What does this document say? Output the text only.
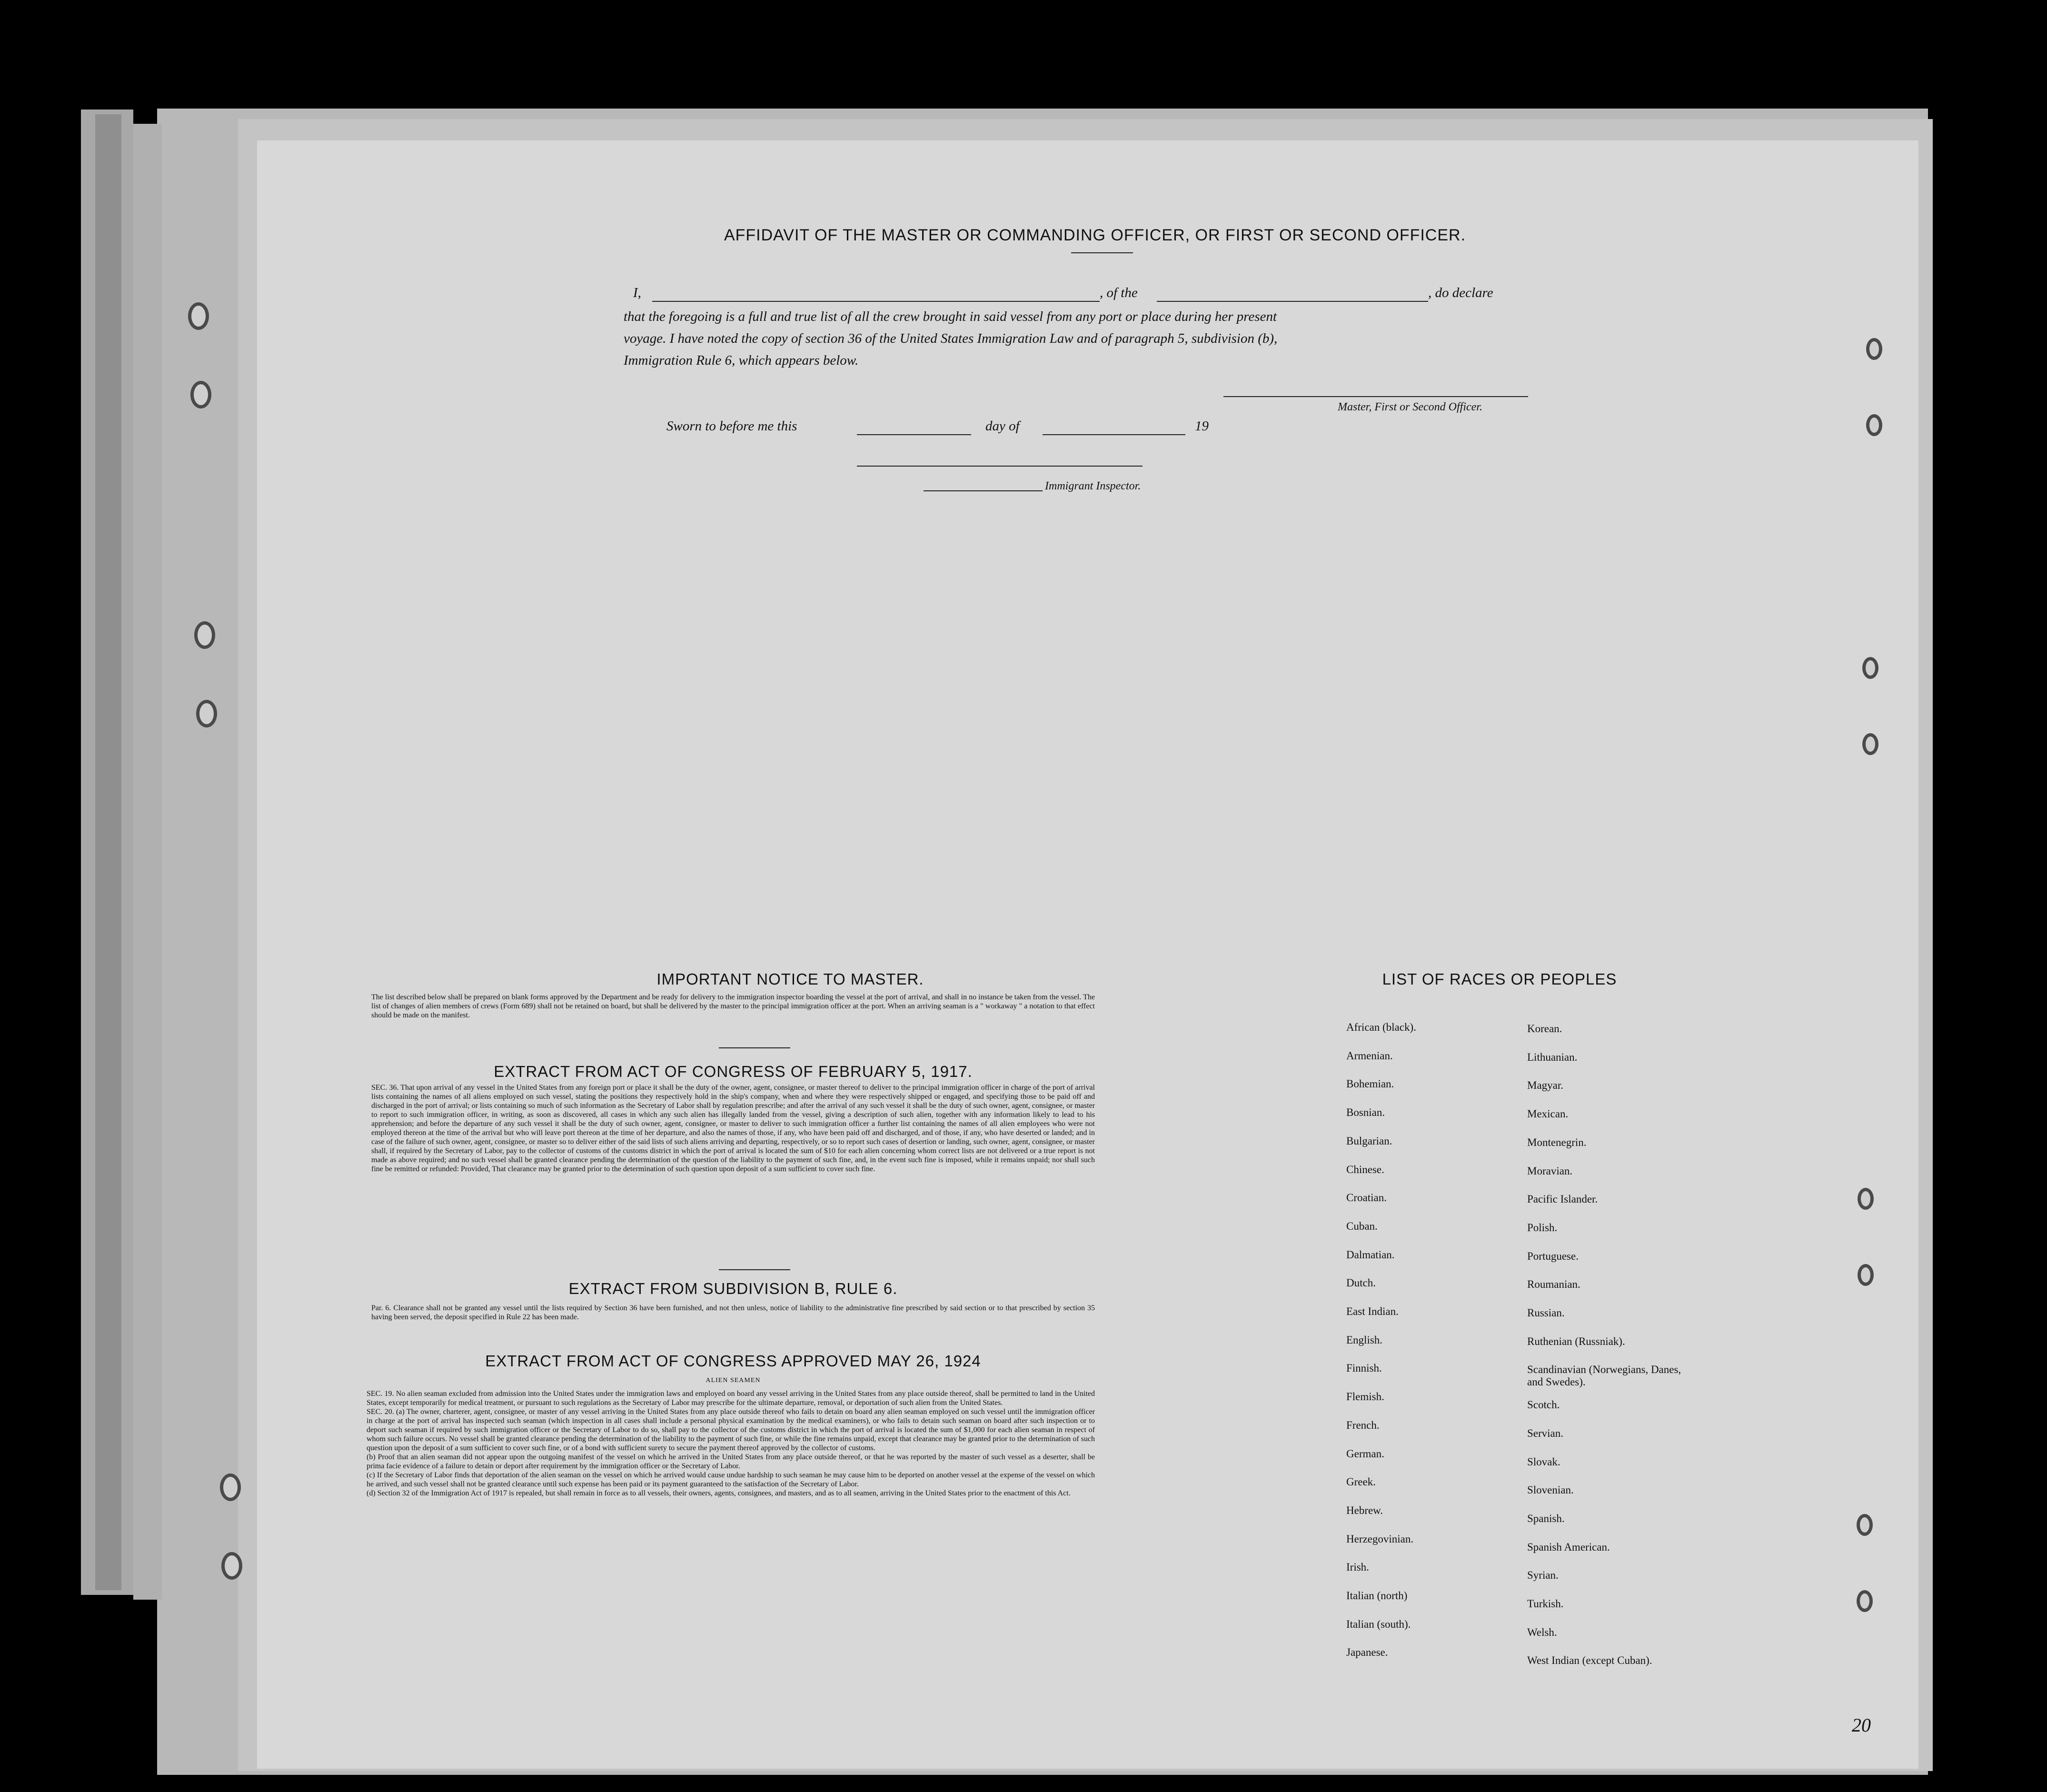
AFFIDAVIT OF THE MASTER OR COMMANDING OFFICER, OR FIRST OR SECOND OFFICER.
I,	, of the	, do declare
that the foregoing is a full and true list of all the crew brought in said vessel from any port or place during her present
voyage. I have noted the copy of section 36 of the United States Immigration Law and of paragraph 5, subdivision (b),
Immigration Rule 6, which appears below.
Master, First or Second Officer.
Sworn to before me this	day of	19
Immigrant Inspector.
IMPORTANT NOTICE TO MASTER.
The list described below shall be prepared on blank forms approved by the Department and be ready for delivery to the immigration inspector boarding the vessel at the port of arrival, and shall in no instance be taken from the vessel. The list of changes of alien members of crews (Form 689) shall not be retained on board, but shall be delivered by the master to the principal immigration officer at the port. When an arriving seaman is a " workaway " a notation to that effect should be made on the manifest.
EXTRACT FROM ACT OF CONGRESS OF FEBRUARY 5, 1917.
SEC. 36. That upon arrival of any vessel in the United States from any foreign port or place it shall be the duty of the owner, agent, consignee, or master thereof to deliver to the principal immigration officer in charge of the port of arrival lists containing the names of all aliens employed on such vessel, stating the positions they respectively hold in the ship's company, when and where they were respectively shipped or engaged, and specifying those to be paid off and discharged in the port of arrival; or lists containing so much of such information as the Secretary of Labor shall by regulation prescribe; and after the arrival of any such vessel it shall be the duty of such owner, agent, consignee, or master to report to such immigration officer, in writing, as soon as discovered, all cases in which any such alien has illegally landed from the vessel, giving a description of such alien, together with any information likely to lead to his apprehension; and before the departure of any such vessel it shall be the duty of such owner, agent, consignee, or master to deliver to such immigration officer a further list containing the names of all alien employees who were not employed thereon at the time of the arrival but who will leave port thereon at the time of her departure, and also the names of those, if any, who have been paid off and discharged, and of those, if any, who have deserted or landed; and in case of the failure of such owner, agent, consignee, or master so to deliver either of the said lists of such aliens arriving and departing, respectively, or so to report such cases of desertion or landing, such owner, agent, consignee, or master shall, if required by the Secretary of Labor, pay to the collector of customs of the customs district in which the port of arrival is located the sum of $10 for each alien concerning whom correct lists are not delivered or a true report is not made as above required; and no such vessel shall be granted clearance pending the determination of the question of the liability to the payment of such fine, and, in the event such fine is imposed, while it remains unpaid; nor shall such fine be remitted or refunded: Provided, That clearance may be granted prior to the determination of such question upon deposit of a sum sufficient to cover such fine.
EXTRACT FROM SUBDIVISION B, RULE 6.
Par. 6. Clearance shall not be granted any vessel until the lists required by Section 36 have been furnished, and not then unless, notice of liability to the administrative fine prescribed by said section or to that prescribed by section 35 having been served, the deposit specified in Rule 22 has been made.
EXTRACT FROM ACT OF CONGRESS APPROVED MAY 26, 1924
ALIEN SEAMEN

SEC. 19. No alien seaman excluded from admission into the United States under the immigration laws and employed on board any vessel arriving in the United States from any place outside thereof, shall be permitted to land in the United States, except temporarily for medical treatment, or pursuant to such regulations as the Secretary of Labor may prescribe for the ultimate departure, removal, or deportation of such alien from the United States.

SEC. 20. (a) The owner, charterer, agent, consignee, or master of any vessel arriving in the United States from any place outside thereof who fails to detain on board any alien seaman employed on such vessel until the immigration officer in charge at the port of arrival has inspected such seaman (which inspection in all cases shall include a personal physical examination by the medical examiners), or who fails to detain such seaman on board after such inspection or to deport such seaman if required by such immigration officer or the Secretary of Labor to do so, shall pay to the collector of the customs district in which the port of arrival is located the sum of $1,000 for each alien seaman in respect of whom such failure occurs. No vessel shall be granted clearance pending the determination of the liability to the payment of such fine, or while the fine remains unpaid, except that clearance may be granted prior to the determination of such question upon the deposit of a sum sufficient to cover such fine, or of a bond with sufficient surety to secure the payment thereof approved by the collector of customs.

(b) Proof that an alien seaman did not appear upon the outgoing manifest of the vessel on which he arrived in the United States from any place outside thereof, or that he was reported by the master of such vessel as a deserter, shall be prima facie evidence of a failure to detain or deport after requirement by the immigration officer or the Secretary of Labor.

(c) If the Secretary of Labor finds that deportation of the alien seaman on the vessel on which he arrived would cause undue hardship to such seaman he may cause him to be deported on another vessel at the expense of the vessel on which he arrived, and such vessel shall not be granted clearance until such expense has been paid or its payment guaranteed to the satisfaction of the Secretary of Labor.

(d) Section 32 of the Immigration Act of 1917 is repealed, but shall remain in force as to all vessels, their owners, agents, consignees, and masters, and as to all seamen, arriving in the United States prior to the enactment of this Act.

LIST OF RACES OR PEOPLES
African (black).
Armenian.
Bohemian.
Bosnian.
Bulgarian.
Chinese.
Croatian.
Cuban.
Dalmatian.
Dutch.
East Indian.
English.
Finnish.
Flemish.
French.
German.
Greek.
Hebrew.
Herzegovinian.
Irish.
Italian (north)
Italian (south).
Japanese.
Korean.
Lithuanian.
Magyar.
Mexican.
Montenegrin.
Moravian.
Pacific Islander.
Polish.
Portuguese.
Roumanian.
Russian.
Ruthenian (Russniak).
Scandinavian (Norwegians, Danes, and Swedes).
Scotch.
Servian.
Slovak.
Slovenian.
Spanish.
Spanish American.
Syrian.
Turkish.
Welsh.
West Indian (except Cuban).
20
